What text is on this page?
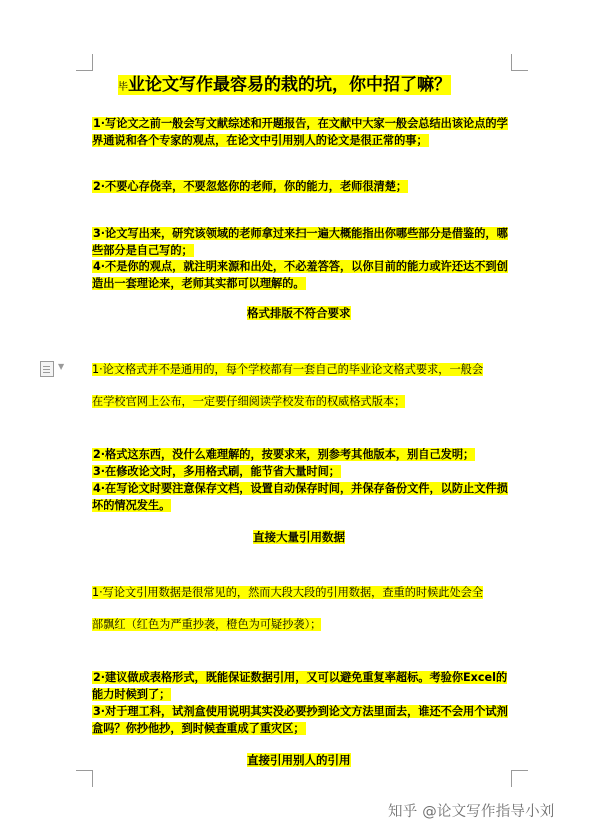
▼
毕业论文写作最容易的栽的坑，你中招了嘛？
1·写论文之前一般会写文献综述和开题报告，在文献中大家一般会总结出该论点的学界通说和各个专家的观点，在论文中引用别人的论文是很正常的事；
2·不要心存侥幸，不要忽悠你的老师，你的能力，老师很清楚；
3·论文写出来，研究该领域的老师拿过来扫一遍大概能指出你哪些部分是借鉴的，哪些部分是自己写的；
4·不是你的观点，就注明来源和出处，不必羞答答，以你目前的能力或许还达不到创造出一套理论来，老师其实都可以理解的。
格式排版不符合要求
1·论文格式并不是通用的，每个学校都有一套自己的毕业论文格式要求，一般会
在学校官网上公布，一定要仔细阅读学校发布的权威格式版本；
2·格式这东西，没什么难理解的，按要求来，别参考其他版本，别自己发明；
3·在修改论文时，多用格式刷，能节省大量时间；
4·在写论文时要注意保存文档，设置自动保存时间，并保存备份文件，以防止文件损坏的情况发生。
直接大量引用数据
1·写论文引用数据是很常见的，然而大段大段的引用数据，查重的时候此处会全
部飘红（红色为严重抄袭，橙色为可疑抄袭）；
2·建议做成表格形式，既能保证数据引用，又可以避免重复率超标。考验你Excel的能力时候到了；
3·对于理工科，试剂盒使用说明其实没必要抄到论文方法里面去，谁还不会用个试剂盒吗？你抄他抄，到时候查重成了重灾区；
直接引用别人的引用
知乎 @论文写作指导小刘
